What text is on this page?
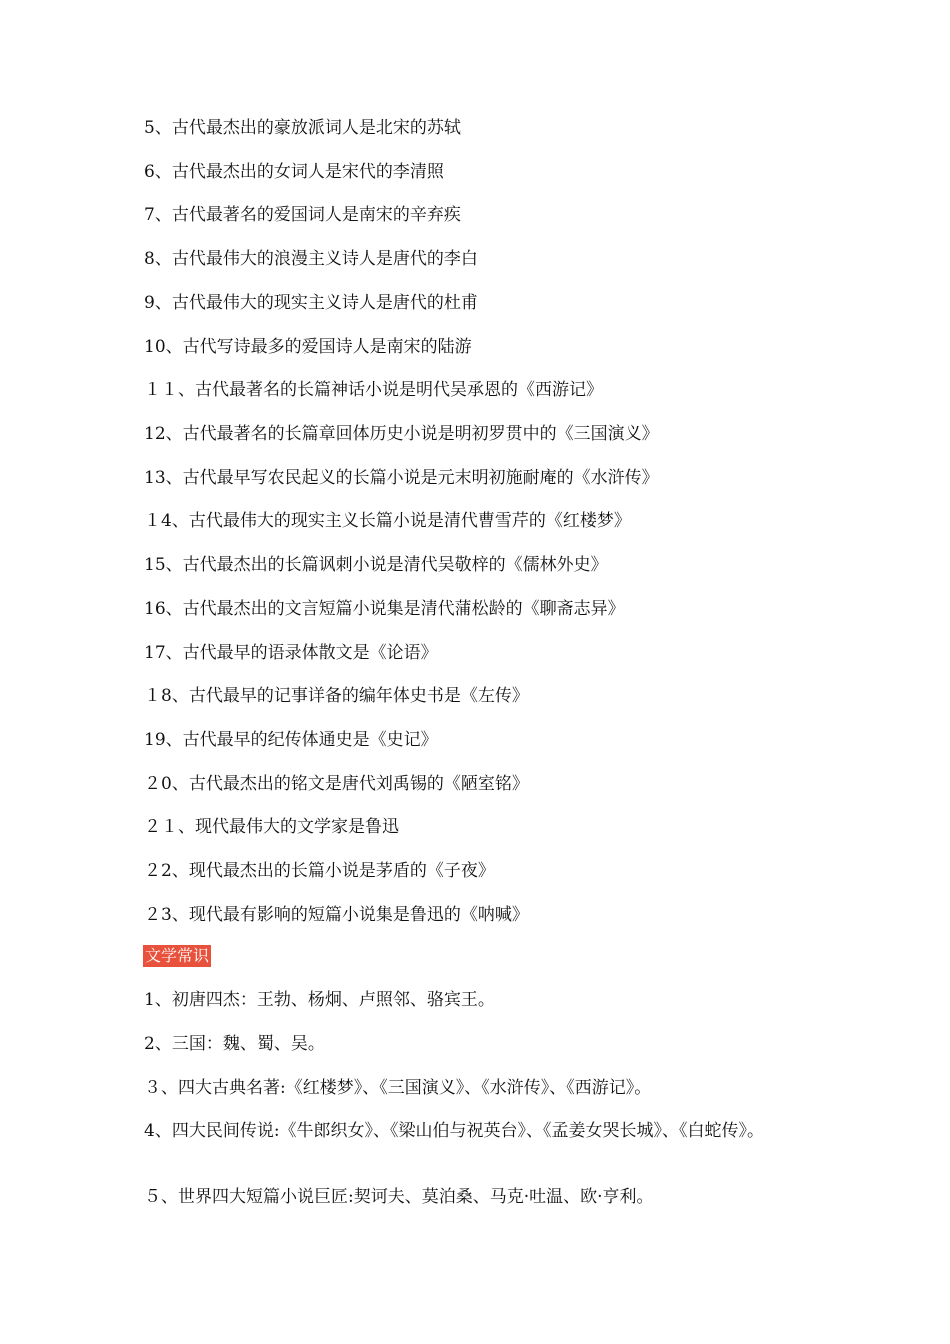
5、古代最杰出的豪放派词人是北宋的苏轼
6、古代最杰出的女词人是宋代的李清照
7、古代最著名的爱国词人是南宋的辛弃疾
8、古代最伟大的浪漫主义诗人是唐代的李白
9、古代最伟大的现实主义诗人是唐代的杜甫
10、古代写诗最多的爱国诗人是南宋的陆游
１１、古代最著名的长篇神话小说是明代吴承恩的《西游记》
12、古代最著名的长篇章回体历史小说是明初罗贯中的《三国演义》
13、古代最早写农民起义的长篇小说是元末明初施耐庵的《水浒传》
１4、古代最伟大的现实主义长篇小说是清代曹雪芹的《红楼梦》
15、古代最杰出的长篇讽刺小说是清代吴敬梓的《儒林外史》
16、古代最杰出的文言短篇小说集是清代蒲松龄的《聊斋志异》
17、古代最早的语录体散文是《论语》
１8、古代最早的记事详备的编年体史书是《左传》
19、古代最早的纪传体通史是《史记》
２0、古代最杰出的铭文是唐代刘禹锡的《陋室铭》
２１、现代最伟大的文学家是鲁迅
２2、现代最杰出的长篇小说是茅盾的《子夜》
２3、现代最有影响的短篇小说集是鲁迅的《呐喊》
文学常识
1、初唐四杰：王勃、杨炯、卢照邻、骆宾王。
2、三国：魏、蜀、吴。
３、四大古典名著:《红楼梦》、《三国演义》、《水浒传》、《西游记》。
4、四大民间传说:《牛郎织女》、《梁山伯与祝英台》、《孟姜女哭长城》、《白蛇传》。
５、世界四大短篇小说巨匠:契诃夫、莫泊桑、马克·吐温、欧·亨利。
